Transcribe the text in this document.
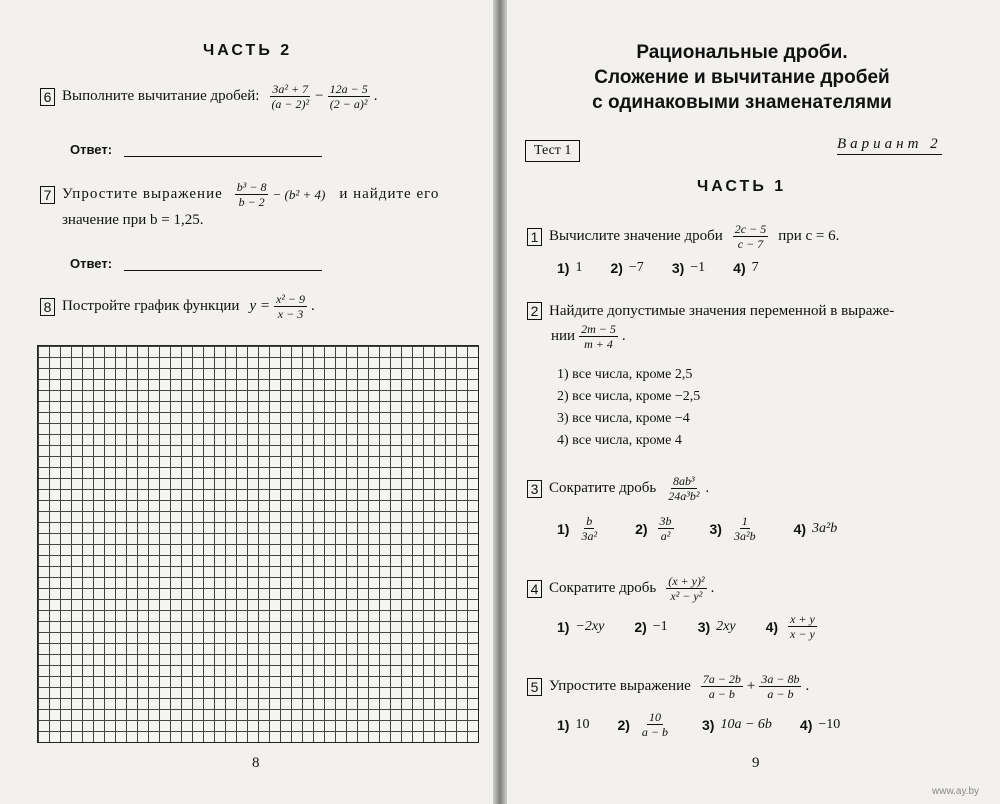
ЧАСТЬ 2
6 Выполните вычитание дробей: $\frac{\text{3a² + 7}}{\text{(a − 2)²}} - \frac{12a - 5}{\text{(2 − a)²}}$ .
Ответ:
7 Упростите выражение $\frac{\text{b³ − 8}}{b - 2} - (b^2 + 4)$ и найдите его
значение при b = 1,25.
Ответ:
8 Постройте график функции $y = \frac{\text{x² − 9}}{x - 3}$ .
8
Рациональные дроби.
Сложение и вычитание дробей
с одинаковыми знаменателями
Тест 1	Вариант 2
ЧАСТЬ 1
1 Вычислите значение дроби $\frac{2c - 5}{c - 7}$ при c = 6.
1) 1 2) −7 3) −1 4) 7
2 Найдите допустимые значения переменной в выраже-
нии $\frac{2m - 5}{m + 4}$ .
1) все числа, кроме 2,5
2) все числа, кроме −2,5
3) все числа, кроме −4
4) все числа, кроме 4
3 Сократите дробь $\frac{\text{8ab³}}{\text{24a³b²}}$ .
$1) \frac{b}{\text{3a²}}$	$2) \frac{3b}{\text{a²}}$	$3) \frac{1}{\text{3a²b}}$	4) 3a²b
4 Сократите дробь $\frac{\text{(x + y)²}}{\text{x² − y²}}$ .
1) −2xy 2) −1 3) 2xy $4) \frac{x + y}{x - y}$
5 Упростите выражение $\frac{7a - 2b}{a - b} + \frac{3a - 8b}{a - b}$ .
1) 10 $2) \frac{10}{a - b} 3$) 10a − 6b 4) −10
9
www.ay.by
